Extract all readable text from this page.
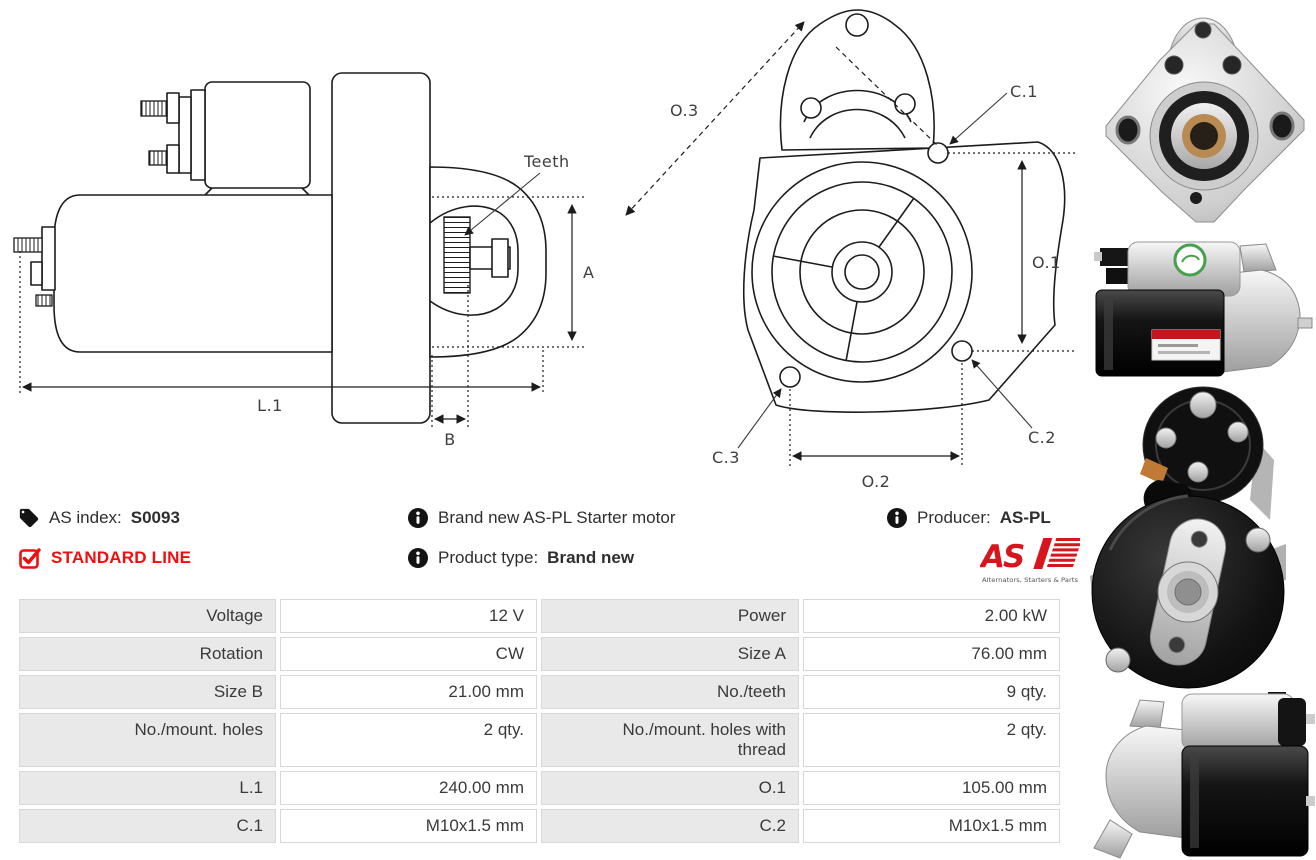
Teeth
A
L.1
B
O.3
O.1
O.2
C.1
C.2
C.3
AS index: S0093
STANDARD LINE
Brand new AS-PL Starter motor
Product type: Brand new
Producer: AS-PL
AS
Alternators, Starters & Parts
Voltage	12 V	Power	2.00 kW
Rotation	CW	Size A	76.00 mm
Size B	21.00 mm	No./teeth	9 qty.
No./mount. holes	2 qty.	No./mount. holes with thread	2 qty.
L.1	240.00 mm	O.1	105.00 mm
C.1	M10x1.5 mm	C.2	M10x1.5 mm
